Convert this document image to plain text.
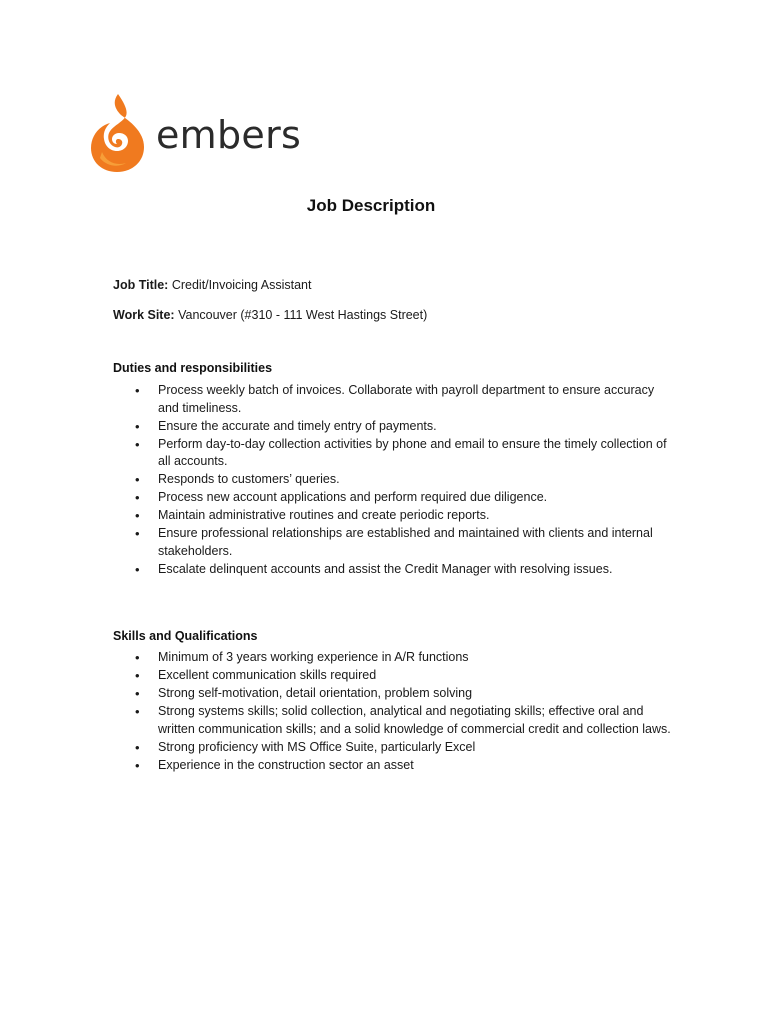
embers
Job Description
Job Title: Credit/Invoicing Assistant
Work Site: Vancouver (#310 - 111 West Hastings Street)
Duties and responsibilities
• Process weekly batch of invoices. Collaborate with payroll department to ensure accuracy and timeliness.
• Ensure the accurate and timely entry of payments.
• Perform day-to-day collection activities by phone and email to ensure the timely collection of all accounts.
• Responds to customers’ queries.
• Process new account applications and perform required due diligence.
• Maintain administrative routines and create periodic reports.
• Ensure professional relationships are established and maintained with clients and internal stakeholders.
• Escalate delinquent accounts and assist the Credit Manager with resolving issues.
Skills and Qualifications
• Minimum of 3 years working experience in A/R functions
• Excellent communication skills required
• Strong self-motivation, detail orientation, problem solving
• Strong systems skills; solid collection, analytical and negotiating skills; effective oral and written communication skills; and a solid knowledge of commercial credit and collection laws.
• Strong proficiency with MS Office Suite, particularly Excel
• Experience in the construction sector an asset
